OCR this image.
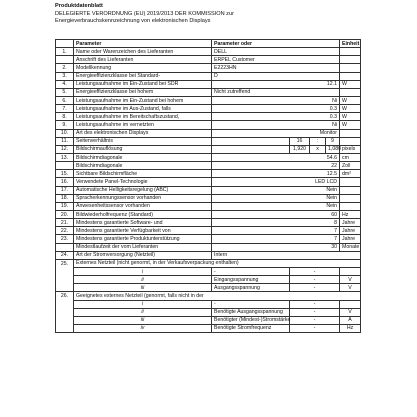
Produktdatenblatt
DELEGIERTE VERORDNUNG (EU) 2019/2013 DER KOMMISSION zur
Energieverbrauchskennzeichnung von elektronischen Displays
	Parameter	Parameter oder				Einheit
1.	Name oder Warenzeichen des Lieferanten	DELL				
	Anschrift des Lieferanten	ERPEL Customer				
2.	Modellkennung	E2223HN				
3.	Energieeffizienzklasse bei Standard-	D				
4.	Leistungsaufnahme im Ein-Zustand bei SDR	12.1				W
5.	Energieeffizienzklasse bei hohem	Nicht zutreffend				
6.	Leistungsaufnahme im Ein-Zustand bei hohem	Ni				W
7.	Leistungsaufnahme im Aus-Zustand, falls	0.3				W
8.	Leistungsaufnahme im Bereitschaftszustand,	0.3				W
9.	Leistungsaufnahme im vernetzten	Ni				W
10.	Art des elektronischen Displays	Monitor				
11.	Seitenverhältnis		16	:	9	
12.	Bildschirmauflösung		1,920	x	1,080	pixels
13.	Bildschirmdiagonale	54.6				cm
	Bildschirmdiagonale	22				Zoll
15.	Sichtbare Bildschirmfläche	12.5				dm²
16.	Verwendete Panel-Technologie	LED LCD				
17.	Automatische Helligkeitsregelung (ABC)	Nein				
18.	Spracherkennungssensor vorhanden	Nein				
19.	Anwesenheitssensor vorhanden	Nein				
20.	Bildwiederholfrequenz (Standard)	60				Hz
21.	Mindestens garantierte Software- und	8				Jahre
22.	Mindestens garantierte Verfügbarkeit von	7				Jahre
23.	Mindestens garantierte Produktunterstützung	7				Jahre
	Mindestlaufzeit der vom Lieferanten	30				Monate
24.	Art der Stromversorgung (Netzteil)	Intern				
25.	Externes Netzteil (nicht genormt, in der Verkaufsverpackung enthalten)					
	i	-	-			
	ii	Eingangsspannung	-			V
	iii	Ausgangsspannung	-			V
26.	Geeignetes externes Netzteil (genormt, falls nicht in der					
	i	-	-			
	ii	Benötigte Ausgangsspannung	-			V
	iii	Benötigter (Mindest-)Stromstärke	-			A
	iv	Benötigte Stromfrequenz	-			Hz
